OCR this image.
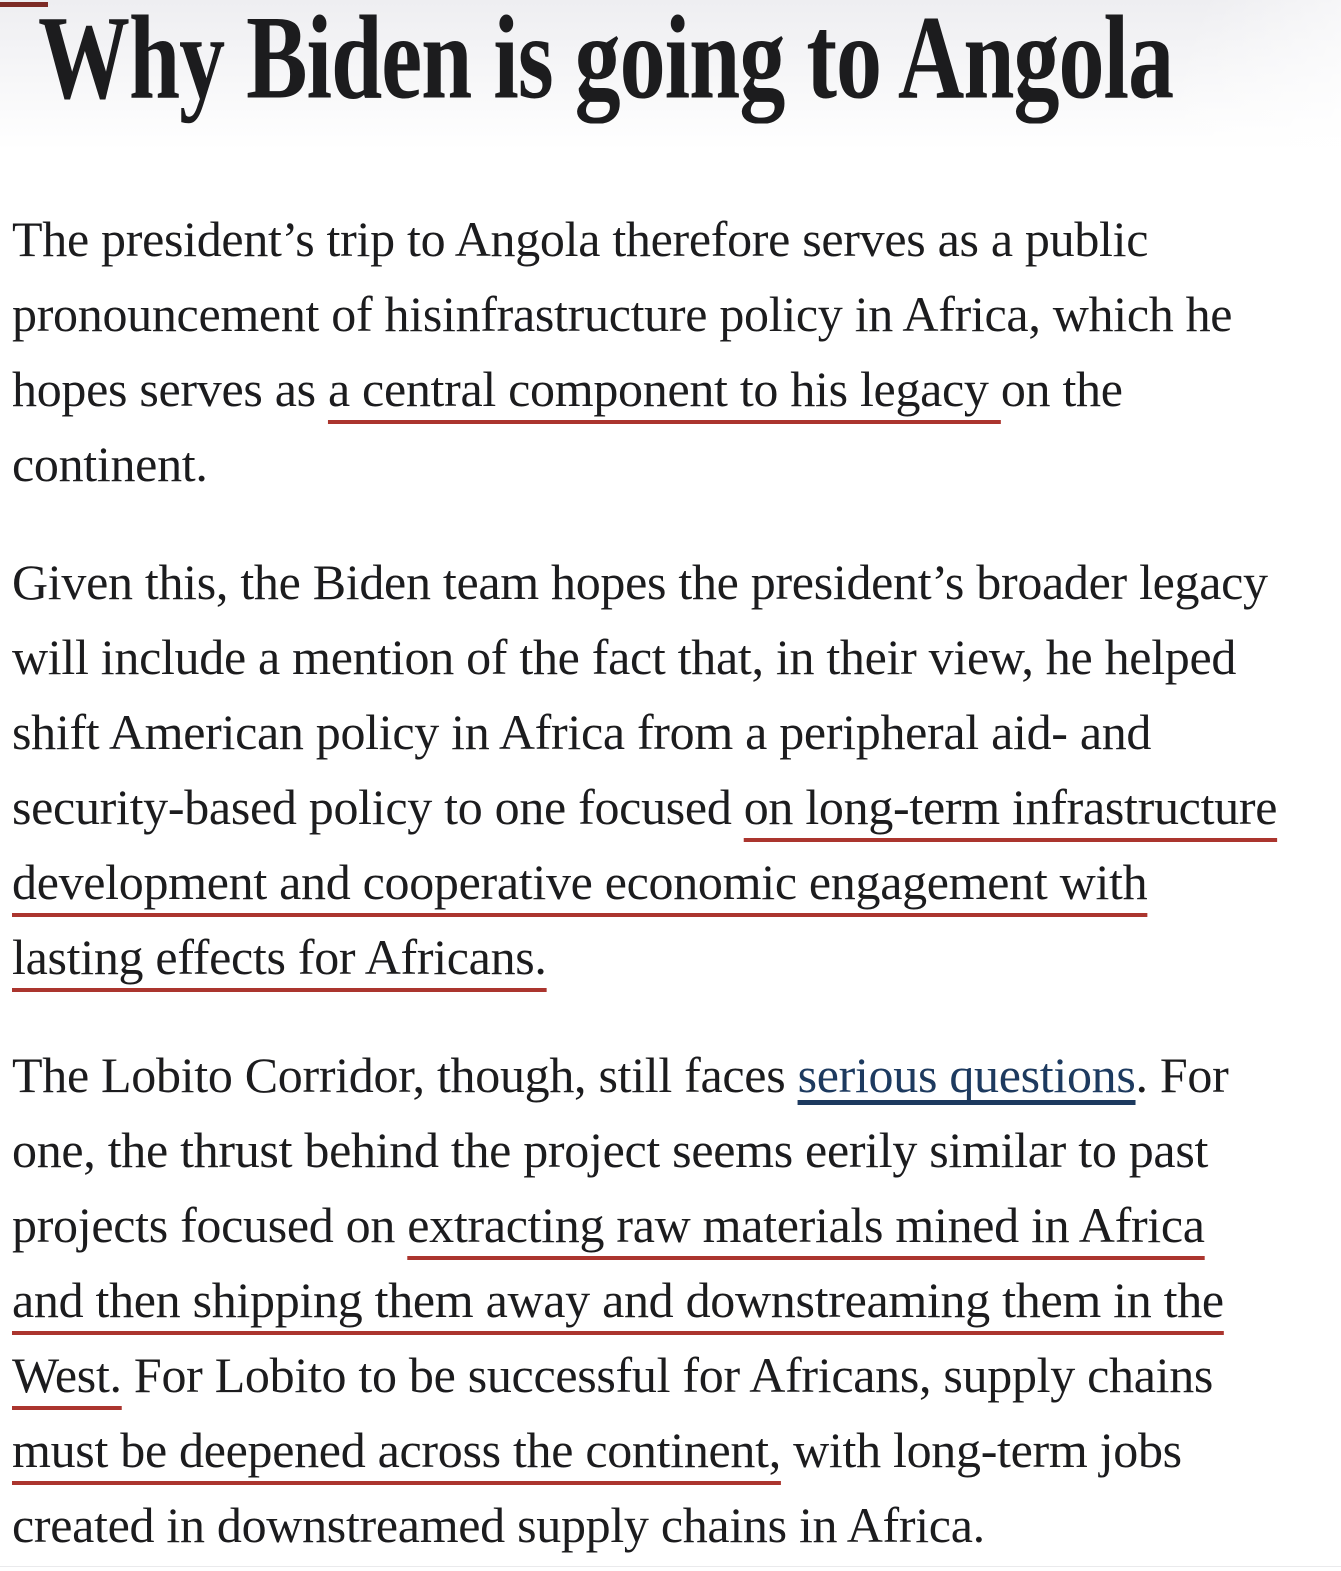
Why Biden is going to Angola
The president’s trip to Angola therefore serves as a public
pronouncement of hisinfrastructure policy in Africa, which he
hopes serves as a central component to his legacy on the
continent.
Given this, the Biden team hopes the president’s broader legacy
will include a mention of the fact that, in their view, he helped
shift American policy in Africa from a peripheral aid- and
security-based policy to one focused on long-term infrastructure
development and cooperative economic engagement with
lasting effects for Africans.
The Lobito Corridor, though, still faces serious questions. For
one, the thrust behind the project seems eerily similar to past
projects focused on extracting raw materials mined in Africa
and then shipping them away and downstreaming them in the
West. For Lobito to be successful for Africans, supply chains
must be deepened across the continent, with long-term jobs
created in downstreamed supply chains in Africa.
